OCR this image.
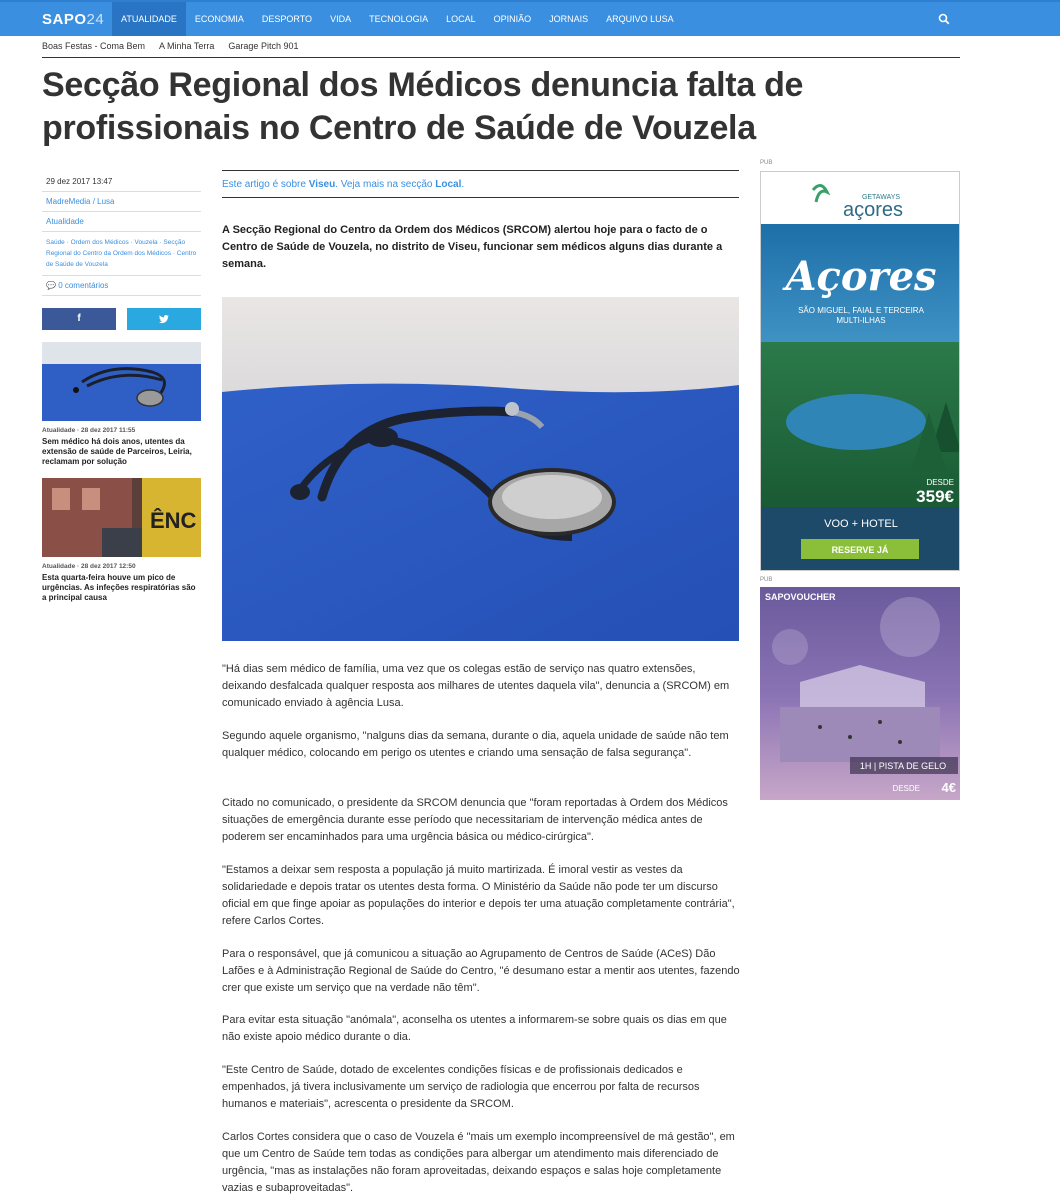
SAPO24	ATUALIDADE	ECONOMIA	DESPORTO	VIDA	TECNOLOGIA	LOCAL	OPINIÃO	JORNAIS	ARQUIVO LUSA
Boas Festas - Coma Bem A Minha Terra Garage Pitch 901
Secção Regional dos Médicos denuncia falta de profissionais no Centro de Saúde de Vouzela
29 dez 2017 13:47
MadreMedia / Lusa
Atualidade
Saúde · Ordem dos Médicos · Vouzela · Secção Regional do Centro da Ordem dos Médicos · Centro de Saúde de Vouzela
💬 0 comentários
f
Atualidade · 28 dez 2017 11:55
Sem médico há dois anos, utentes da extensão de saúde de Parceiros, Leiria, reclamam por solução
ÊNC
Atualidade · 28 dez 2017 12:50
Esta quarta-feira houve um pico de urgências. As infeções respiratórias são a principal causa
Este artigo é sobre Viseu. Veja mais na secção Local.

A Secção Regional do Centro da Ordem dos Médicos (SRCOM) alertou hoje para o facto de o Centro de Saúde de Vouzela, no distrito de Viseu, funcionar sem médicos alguns dias durante a semana.

"Há dias sem médico de família, uma vez que os colegas estão de serviço nas quatro extensões, deixando desfalcada qualquer resposta aos milhares de utentes daquela vila", denuncia a (SRCOM) em comunicado enviado à agência Lusa.

Segundo aquele organismo, "nalguns dias da semana, durante o dia, aquela unidade de saúde não tem qualquer médico, colocando em perigo os utentes e criando uma sensação de falsa segurança".

Citado no comunicado, o presidente da SRCOM denuncia que "foram reportadas à Ordem dos Médicos situações de emergência durante esse período que necessitariam de intervenção médica antes de poderem ser encaminhados para uma urgência básica ou médico-cirúrgica".

"Estamos a deixar sem resposta a população já muito martirizada. É imoral vestir as vestes da solidariedade e depois tratar os utentes desta forma. O Ministério da Saúde não pode ter um discurso oficial em que finge apoiar as populações do interior e depois ter uma atuação completamente contrária", refere Carlos Cortes.

Para o responsável, que já comunicou a situação ao Agrupamento de Centros de Saúde (ACeS) Dão Lafões e à Administração Regional de Saúde do Centro, "é desumano estar a mentir aos utentes, fazendo crer que existe um serviço que na verdade não têm".

Para evitar esta situação "anómala", aconselha os utentes a informarem-se sobre quais os dias em que não existe apoio médico durante o dia.

"Este Centro de Saúde, dotado de excelentes condições físicas e de profissionais dedicados e empenhados, já tivera inclusivamente um serviço de radiologia que encerrou por falta de recursos humanos e materiais", acrescenta o presidente da SRCOM.

Carlos Cortes considera que o caso de Vouzela é "mais um exemplo incompreensível de má gestão", em que um Centro de Saúde tem todas as condições para albergar um atendimento mais diferenciado de urgência, "mas as instalações não foram aproveitadas, deixando espaços e salas hoje completamente vazias e subaproveitadas".

PUB
GETAWAYS
açores
Açores
SÃO MIGUEL, FAIAL E TERCEIRA
MULTI-ILHAS
DESDE
359€
VOO + HOTEL
RESERVE JÁ
PUB
SAPOVOUCHER
1H | PISTA DE GELO
DESDE 4€
